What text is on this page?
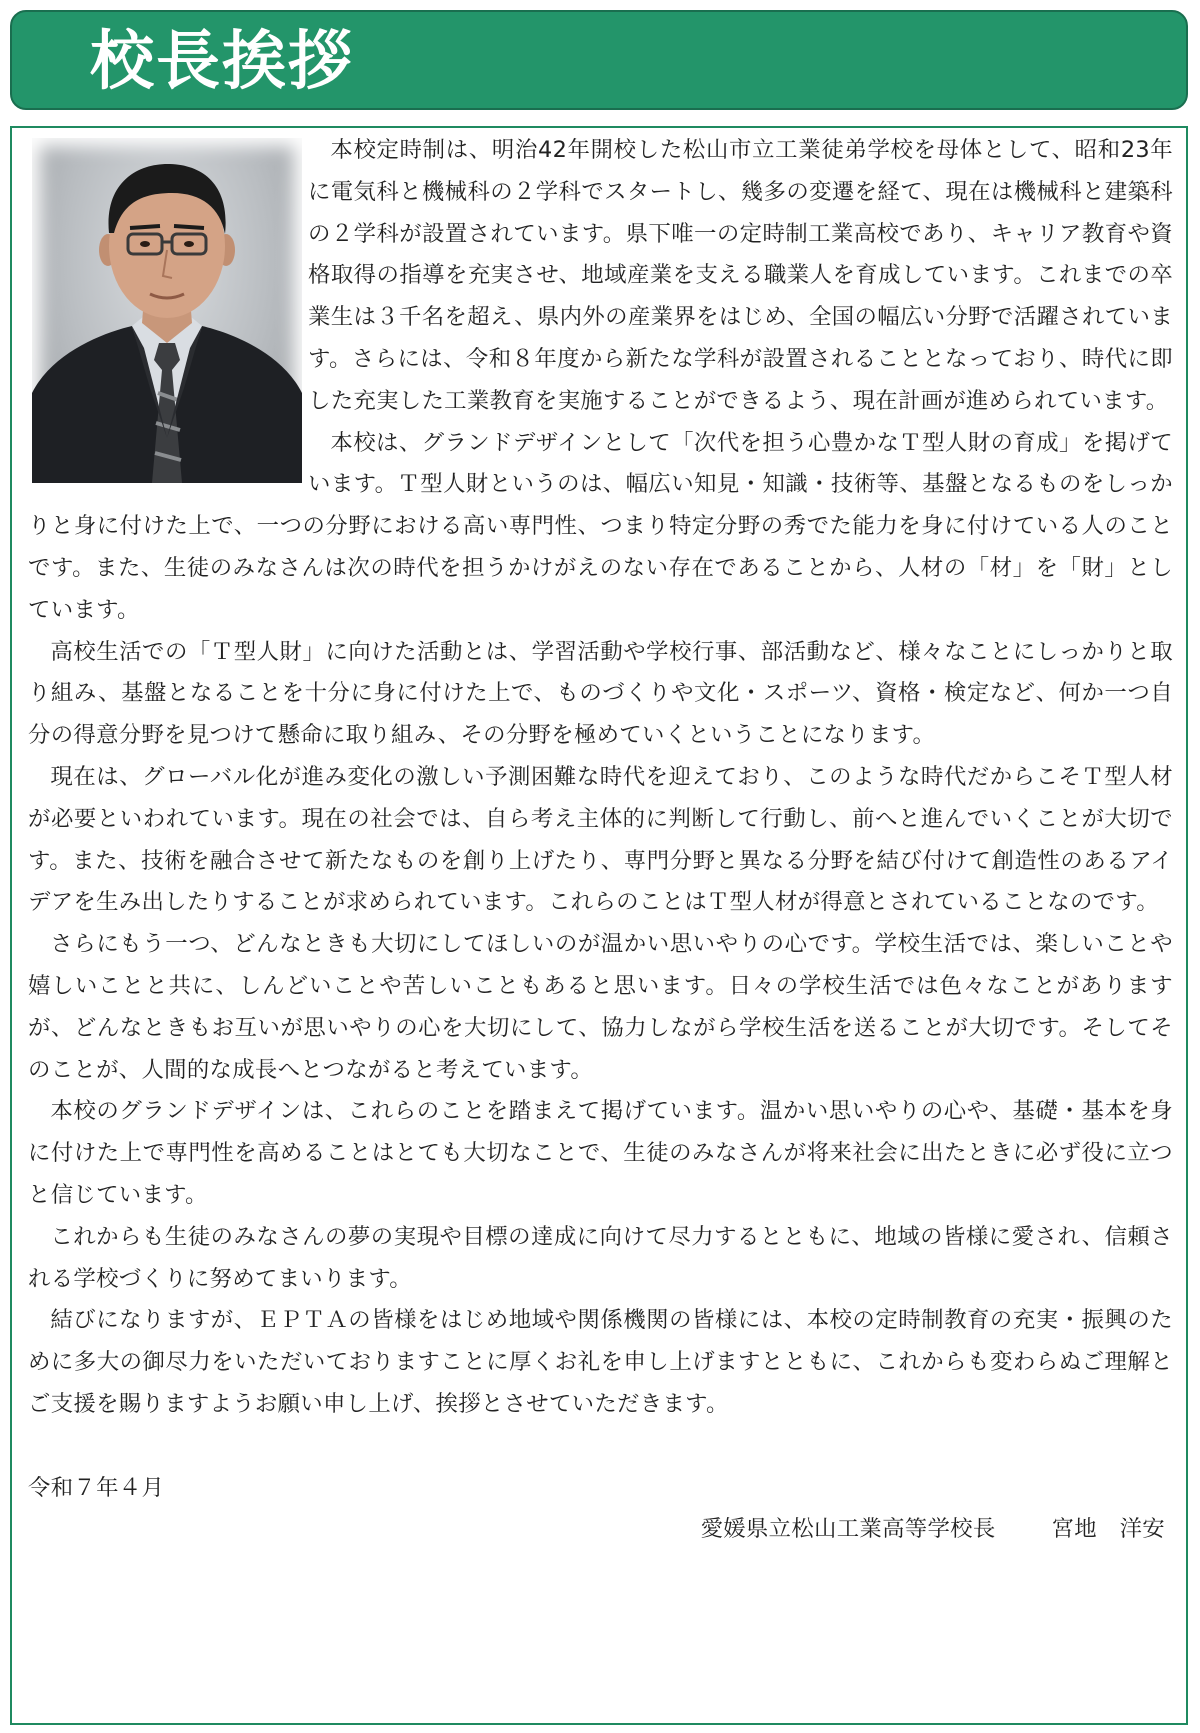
校長挨拶

本校定時制は、明治42年開校した松山市立工業徒弟学校を母体として、昭和23年に電気科と機械科の２学科でスタートし、幾多の変遷を経て、現在は機械科と建築科の２学科が設置されています。県下唯一の定時制工業高校であり、キャリア教育や資格取得の指導を充実させ、地域産業を支える職業人を育成しています。これまでの卒業生は３千名を超え、県内外の産業界をはじめ、全国の幅広い分野で活躍されています。さらには、令和８年度から新たな学科が設置されることとなっており、時代に即した充実した工業教育を実施することができるよう、現在計画が進められています。

本校は、グランドデザインとして「次代を担う心豊かなＴ型人財の育成」を掲げています。Ｔ型人財というのは、幅広い知見・知識・技術等、基盤となるものをしっかりと身に付けた上で、一つの分野における高い専門性、つまり特定分野の秀でた能力を身に付けている人のことです。また、生徒のみなさんは次の時代を担うかけがえのない存在であることから、人材の「材」を「財」としています。

高校生活での「Ｔ型人財」に向けた活動とは、学習活動や学校行事、部活動など、様々なことにしっかりと取り組み、基盤となることを十分に身に付けた上で、ものづくりや文化・スポーツ、資格・検定など、何か一つ自分の得意分野を見つけて懸命に取り組み、その分野を極めていくということになります。

現在は、グローバル化が進み変化の激しい予測困難な時代を迎えており、このような時代だからこそＴ型人材が必要といわれています。現在の社会では、自ら考え主体的に判断して行動し、前へと進んでいくことが大切です。また、技術を融合させて新たなものを創り上げたり、専門分野と異なる分野を結び付けて創造性のあるアイデアを生み出したりすることが求められています。これらのことはＴ型人材が得意とされていることなのです。

さらにもう一つ、どんなときも大切にしてほしいのが温かい思いやりの心です。学校生活では、楽しいことや嬉しいことと共に、しんどいことや苦しいこともあると思います。日々の学校生活では色々なことがありますが、どんなときもお互いが思いやりの心を大切にして、協力しながら学校生活を送ることが大切です。そしてそのことが、人間的な成長へとつながると考えています。

本校のグランドデザインは、これらのことを踏まえて掲げています。温かい思いやりの心や、基礎・基本を身に付けた上で専門性を高めることはとても大切なことで、生徒のみなさんが将来社会に出たときに必ず役に立つと信じています。

これからも生徒のみなさんの夢の実現や目標の達成に向けて尽力するとともに、地域の皆様に愛され、信頼される学校づくりに努めてまいります。

結びになりますが、ＥＰＴＡの皆様をはじめ地域や関係機関の皆様には、本校の定時制教育の充実・振興のために多大の御尽力をいただいておりますことに厚くお礼を申し上げますとともに、これからも変わらぬご理解とご支援を賜りますようお願い申し上げ、挨拶とさせていただきます。

令和７年４月

愛媛県立松山工業高等学校長	宮地　洋安
